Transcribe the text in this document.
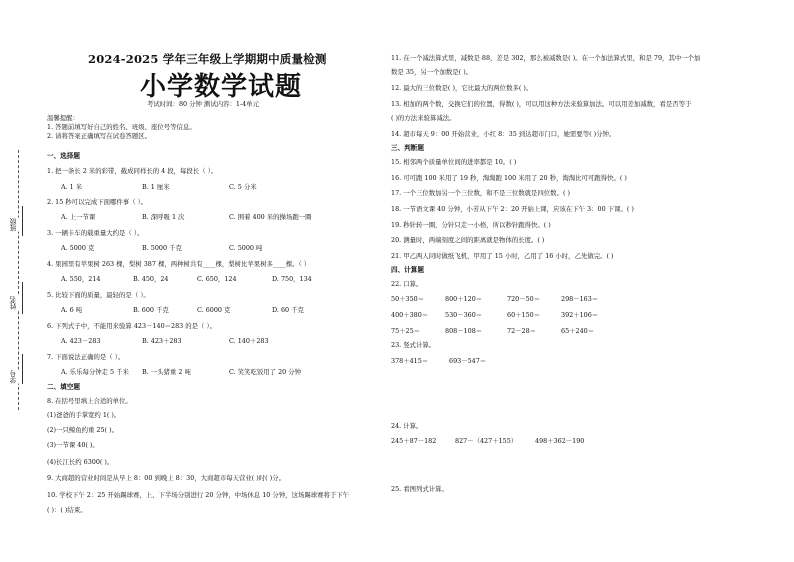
班级
姓名
学号
2024-2025 学年三年级上学期期中质量检测
小学数学试题
考试时间：80 分钟 测试内容：1-4单元
温馨提醒：
1. 答题前填写好自己的姓名、班级、座位号等信息。
2. 请将答案正确填写在试卷答题区。
一、选择题
1. 把一条长 2 米的彩带，截成同样长的 4 段，每段长（ ）。
A. 1 米	B. 1 厘米	C. 5 分米
2. 15 秒可以完成下面哪件事（ ）。
A. 上一节课	B. 深呼吸 1 次	C. 围着 400 米的操场跑一圈
3. 一辆卡车的载重量大约是（ ）。
A. 5000 克	B. 5000 千克	C. 5000 吨
4. 果园里有苹果树 263 棵，梨树 387 棵，两种树共有____棵，梨树比苹果树多____棵。（ ）
A. 550，214	B. 450，24	C. 650，124	D. 750，134
5. 比较下面的质量，最轻的是（ ）。
A. 6 吨	B. 600 千克	C. 6000 克	D. 60 千克
6. 下列式子中，不能用来验算 423－140＝283 的是（ ）。
A. 423－283	B. 423＋283	C. 140＋283
7. 下面说法正确的是（ ）。
A. 乐乐每分钟走 5 千米 B. 一头猪重 2 吨	C. 笑笑吃饭用了 20 分钟
二、填空题
8. 在括号里填上合适的单位。
(1)爸爸的手掌宽约 1( )。
(2)一只鲸鱼约重 25( )。
(3)一节课 40( )。
(4)长江长约 6300( )。
9. 大商超的营业时间是从早上 8：00 到晚上 8：30，大商超市每天营业( )时( )分。
10. 学校下午 2：25 开始踢球赛，上、下半场分别进行 20 分钟，中场休息 10 分钟，这场踢球赛将于下午
( )：( )结束。
11. 在一个减法算式里，减数是 88，差是 302，那么被减数是( )。在一个加法算式里，和是 79，其中一个加
数是 35，另一个加数是( )。
12. 最大的三位数是( )，它比最大的两位数多( )。
13. 相加的两个数，交换它们的位置，得数( )，可以用这种方法来验算加法。可以用差加减数，看是否等于
( )的方法来验算减法。
14. 超市每天 9：00 开始营业，小红 8：35 到达超市门口，她需要等( )分钟。
三、判断题
15. 相邻两个质量单位间的进率都是 10。( )
16. 可可跑 100 米用了 19 秒，淘淘跑 100 米用了 20 秒，淘淘比可可跑得快。( )
17. 一个三位数加另一个三位数，和不是三位数就是四位数。( )
18. 一节语文课 40 分钟，小芳从下午 2：20 开始上课，应该在下午 3：00 下课。( )
19. 秒针转一圈，分针只走一小格，所以秒针跑得快。( )
20. 测量时，两端刻度之间的距离就是物体的长度。( )
21. 甲乙两人同时做纸飞机，甲用了 15 小时，乙用了 16 小时，乙先做完。( )
四、计算题
22. 口算。
50＋350＝	800＋120＝	720－50＝	298－163＝
400＋380＝	530－360＝	60＋150＝	392＋106＝
75＋25＝	808－108＝	72－28＝	65＋240＝
23. 竖式计算。
378＋415＝	693－547＝
24. 计算。
245＋87－182	827－（427＋155）	498＋362－190
25. 看图列式计算。
